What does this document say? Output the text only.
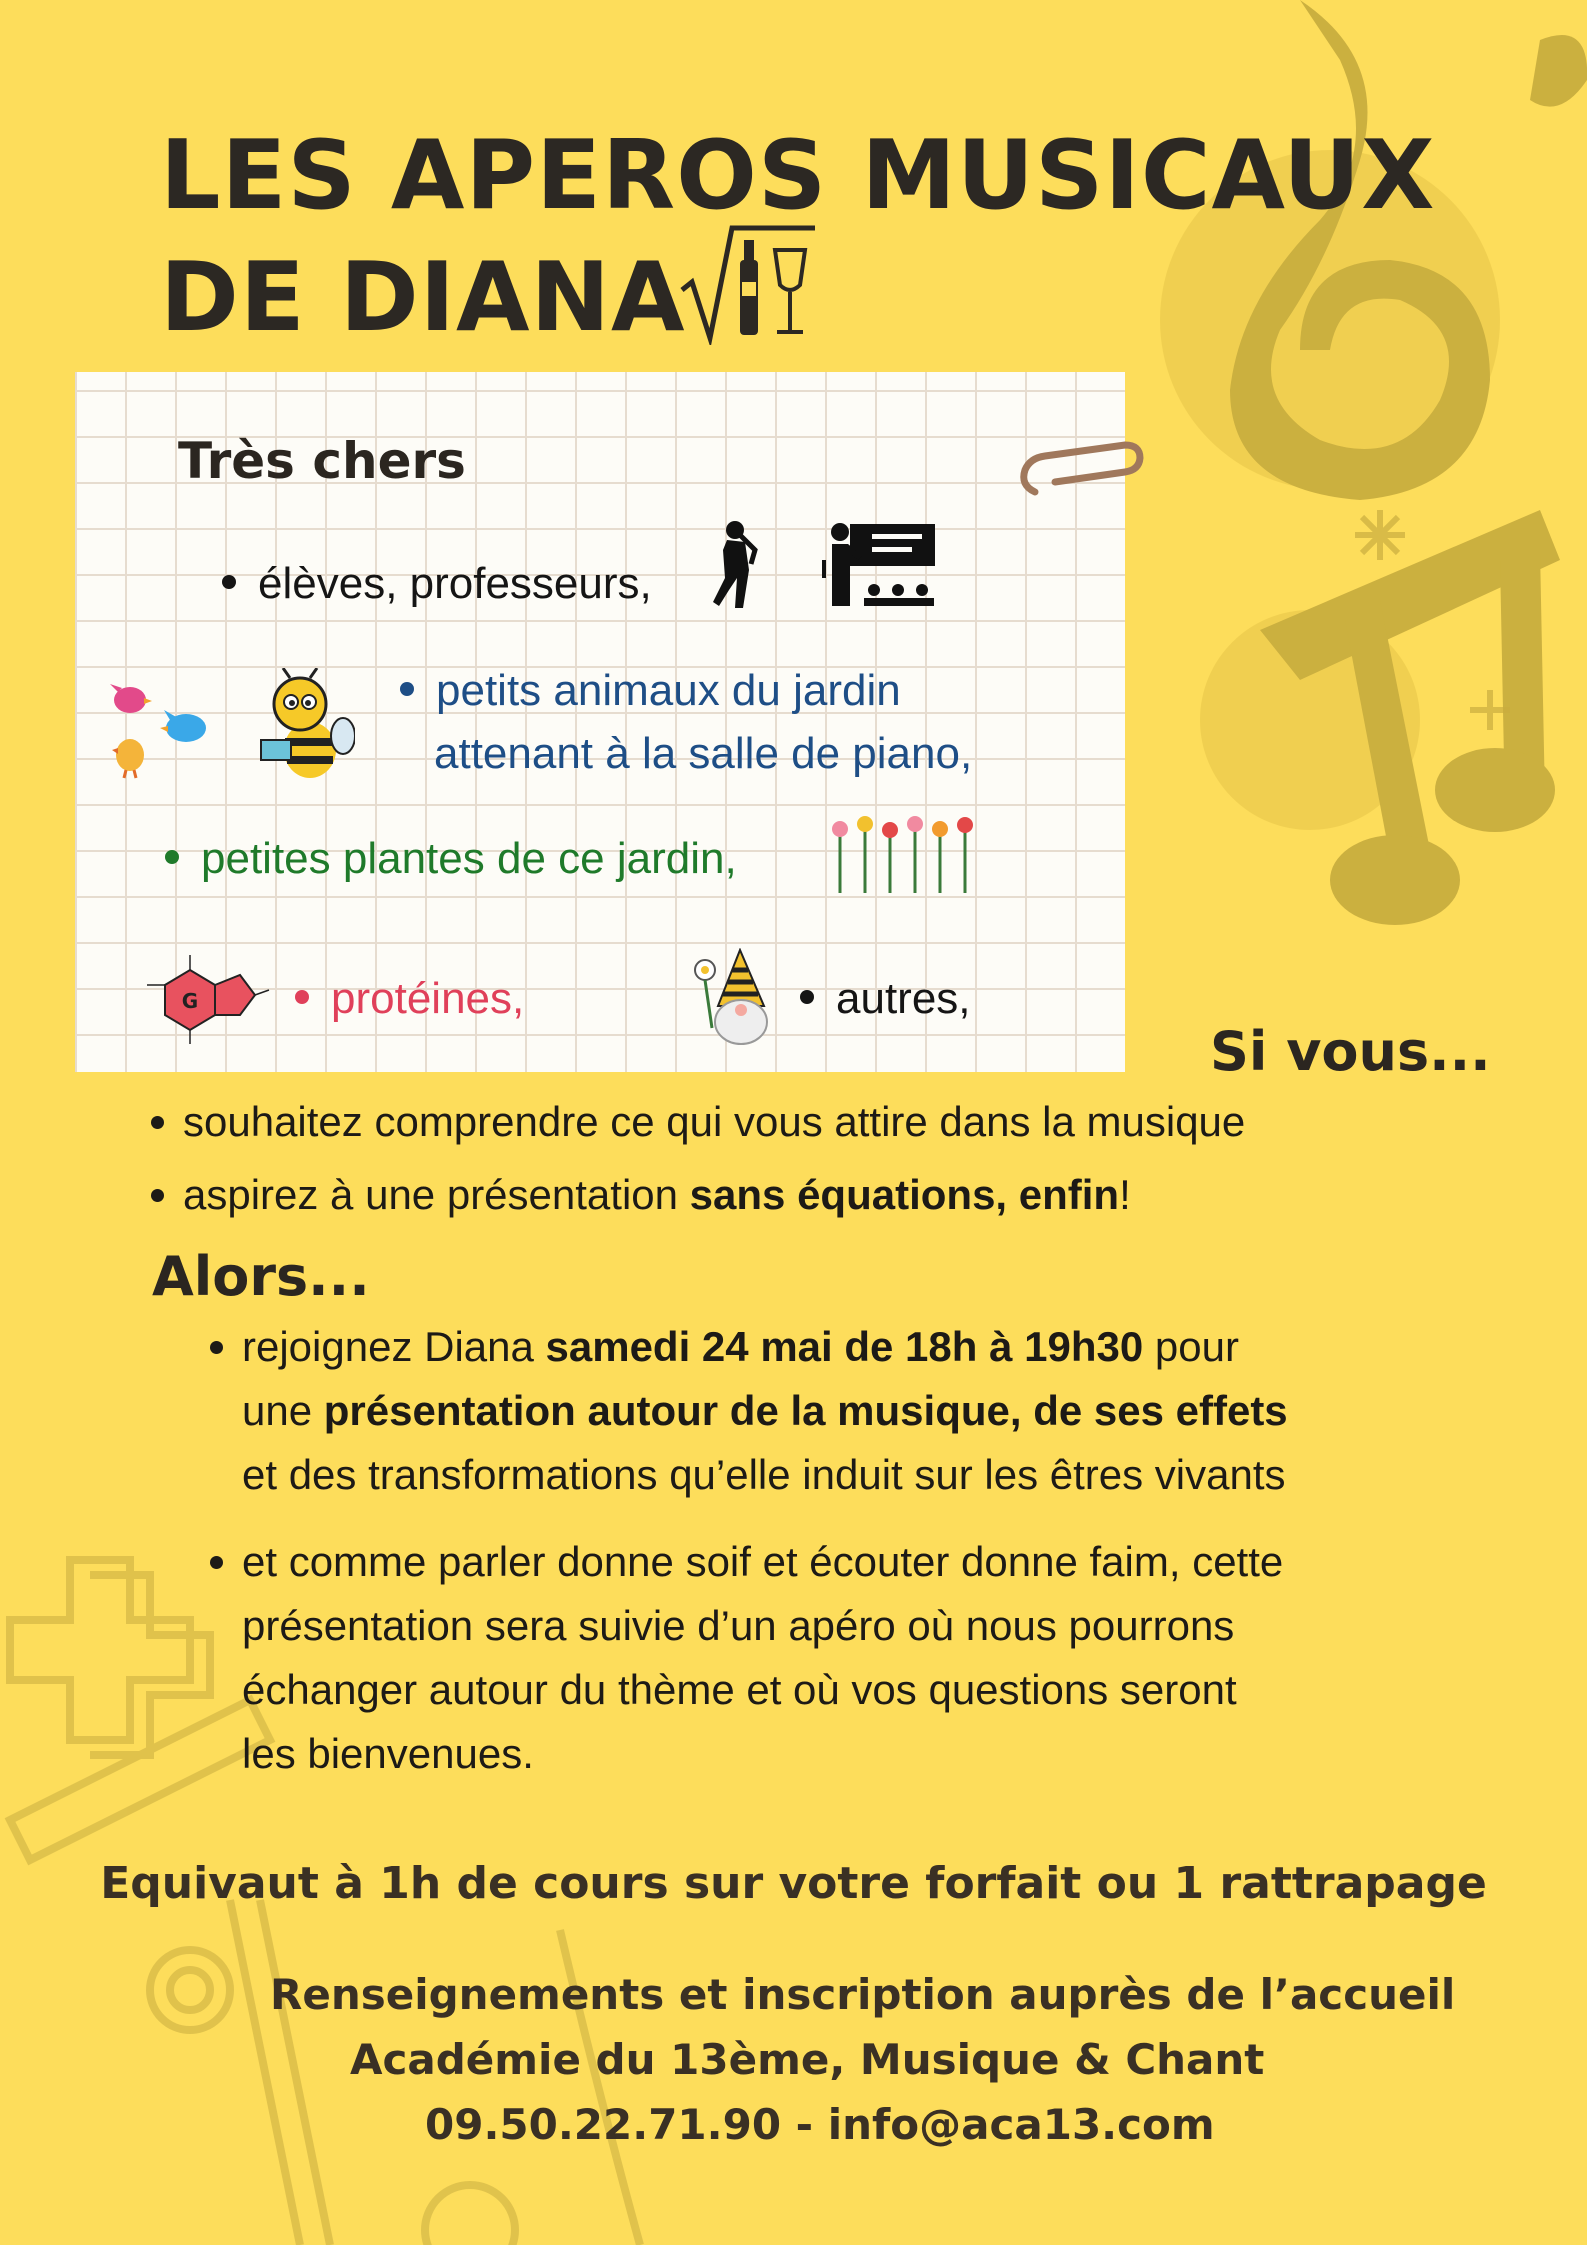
LES APEROS MUSICAUX
DE DIANA
Très chers
élèves, professeurs,
petits animaux du jardin
attenant à la salle de piano,
petites plantes de ce jardin,
G	protéines,	autres,
Si vous...
souhaitez comprendre ce qui vous attire dans la musique
aspirez à une présentation sans équations, enfin!
Alors...
rejoignez Diana samedi 24 mai de 18h à 19h30 pour
une présentation autour de la musique, de ses effets
et des transformations qu’elle induit sur les êtres vivants
et comme parler donne soif et écouter donne faim, cette
présentation sera suivie d’un apéro où nous pourrons
échanger autour du thème et où vos questions seront
les bienvenues.

Equivaut à 1h de cours sur votre forfait ou 1 rattrapage

Renseignements et inscription auprès de l’accueil
Académie du 13ème, Musique & Chant
09.50.22.71.90 - info@aca13.com
